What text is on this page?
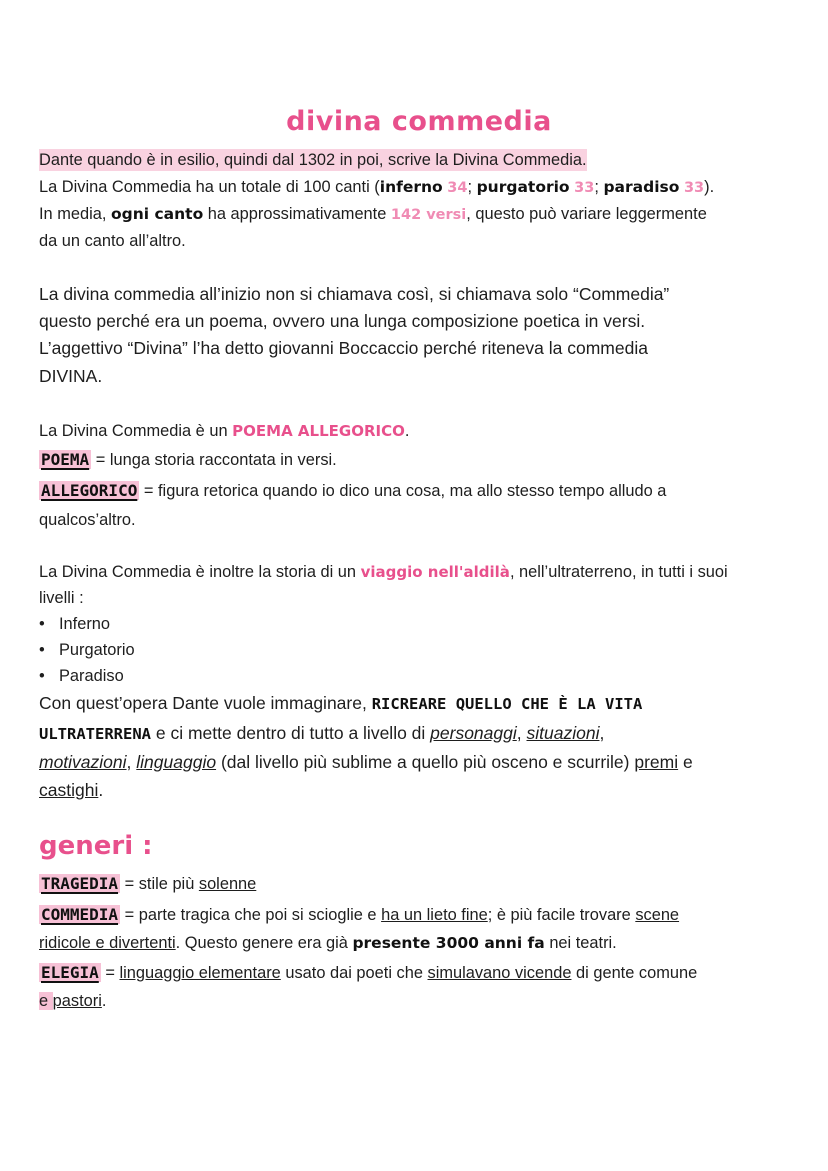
divina commedia
Dante quando è in esilio, quindi dal 1302 in poi, scrive la Divina Commedia.
La Divina Commedia ha un totale di 100 canti (inferno 34; purgatorio 33; paradiso 33).
In media, ogni canto ha approssimativamente 142 versi, questo può variare leggermente
da un canto all’altro.
La divina commedia all’inizio non si chiamava così, si chiamava solo “Commedia”
questo perché era un poema, ovvero una lunga composizione poetica in versi.
L’aggettivo “Divina” l’ha detto giovanni Boccaccio perché riteneva la commedia
DIVINA.
La Divina Commedia è un POEMA ALLEGORICO.
POEMA = lunga storia raccontata in versi.
ALLEGORICO = figura retorica quando io dico una cosa, ma allo stesso tempo alludo a
qualcos’altro.
La Divina Commedia è inoltre la storia di un viaggio nell'aldilà, nell’ultraterreno, in tutti i suoi
livelli :
• Inferno
• Purgatorio
• Paradiso
Con quest’opera Dante vuole immaginare, RICREARE QUELLO CHE È LA VITA
ULTRATERRENA e ci mette dentro di tutto a livello di personaggi, situazioni,
motivazioni, linguaggio (dal livello più sublime a quello più osceno e scurrile) premi e
castighi.
generi :
TRAGEDIA = stile più solenne
COMMEDIA = parte tragica che poi si scioglie e ha un lieto fine; è più facile trovare scene
ridicole e divertenti. Questo genere era già presente 3000 anni fa nei teatri.
ELEGIA = linguaggio elementare usato dai poeti che simulavano vicende di gente comune
e pastori.
